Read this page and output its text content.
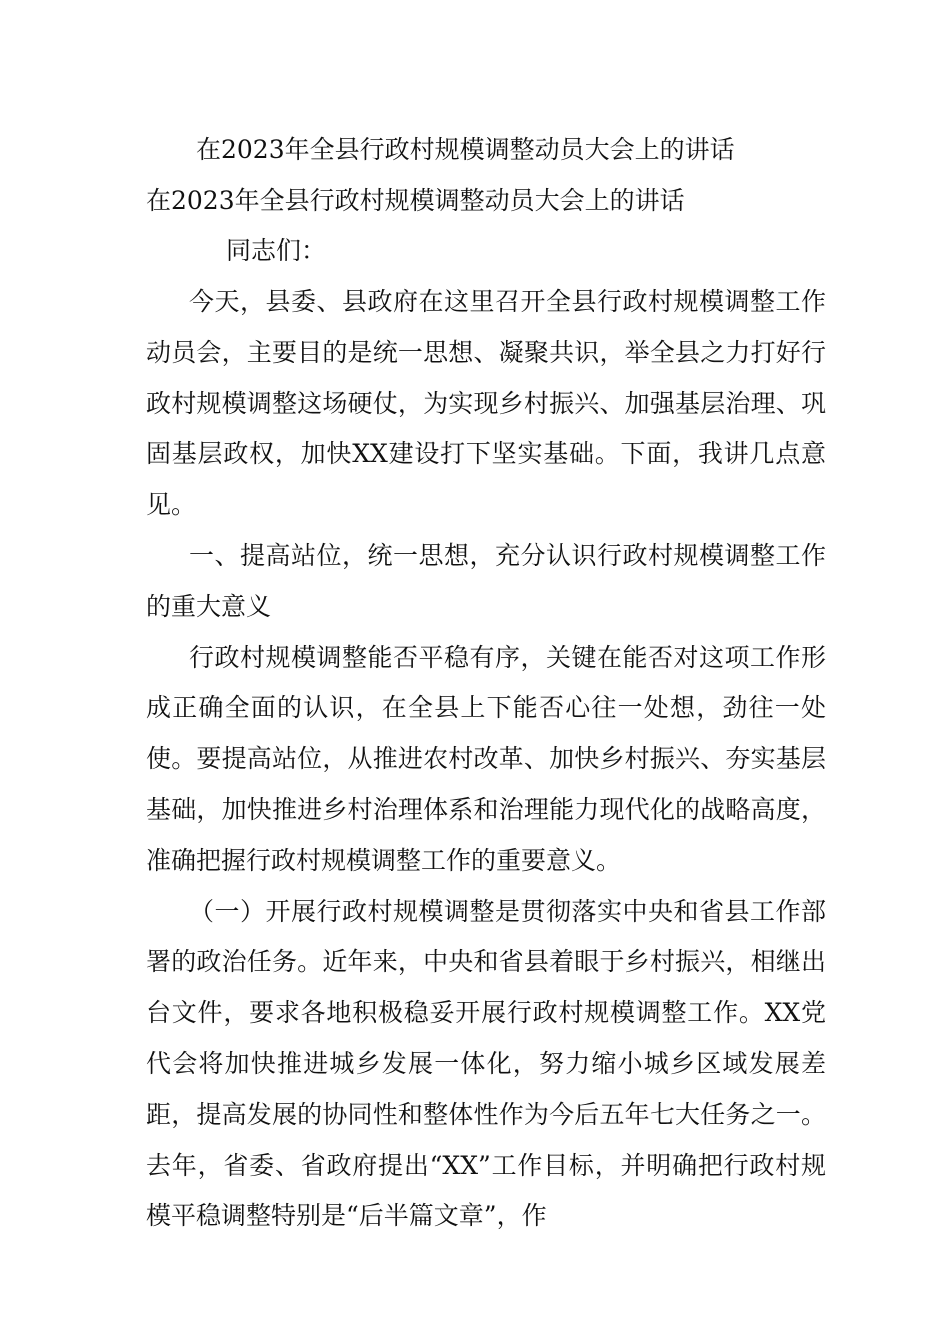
在2023年全县行政村规模调整动员大会上的讲话
在2023年全县行政村规模调整动员大会上的讲话
同志们：

今天，县委、县政府在这里召开全县行政村规模调整工作动员会，主要目的是统一思想、凝聚共识，举全县之力打好行政村规模调整这场硬仗，为实现乡村振兴、加强基层治理、巩固基层政权，加快XX建设打下坚实基础。下面，我讲几点意见。

一、提高站位，统一思想，充分认识行政村规模调整工作的重大意义

行政村规模调整能否平稳有序，关键在能否对这项工作形成正确全面的认识，在全县上下能否心往一处想，劲往一处使。要提高站位，从推进农村改革、加快乡村振兴、夯实基层基础，加快推进乡村治理体系和治理能力现代化的战略高度，准确把握行政村规模调整工作的重要意义。

（一）开展行政村规模调整是贯彻落实中央和省县工作部署的政治任务。近年来，中央和省县着眼于乡村振兴，相继出台文件，要求各地积极稳妥开展行政村规模调整工作。XX党代会将加快推进城乡发展一体化，努力缩小城乡区域发展差距，提高发展的协同性和整体性作为今后五年七大任务之一。去年，省委、省政府提出“XX”工作目标，并明确把行政村规模平稳调整特别是“后半篇文章”，作
